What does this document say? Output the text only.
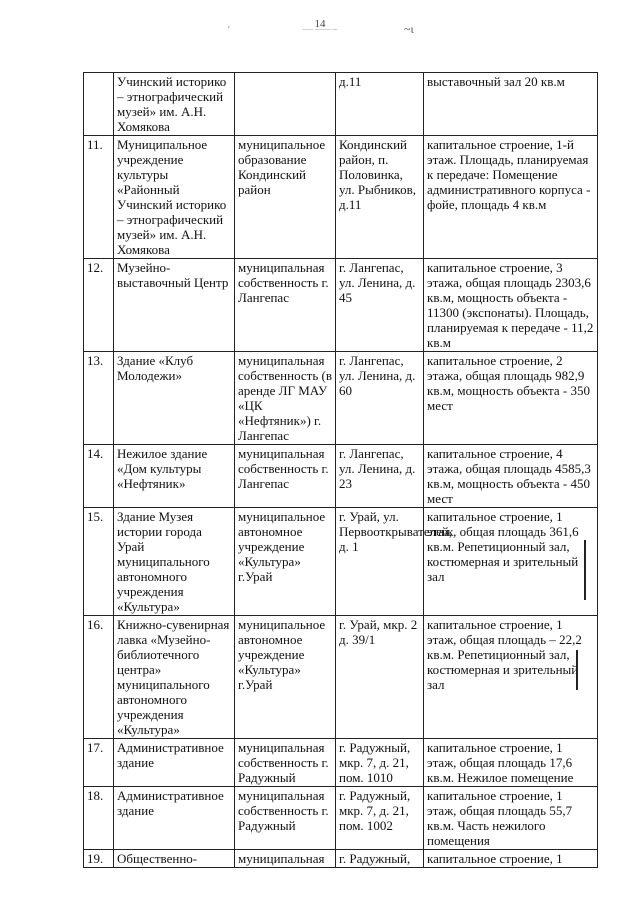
14
~~~~ ~~~~~~ ~~
'	~ι
	Учинский историко – этнографический музей» им. А.Н. Хомякова		д.11	выставочный зал 20 кв.м
11.	Муниципальное учреждение культуры «Районный Учинский историко – этнографический музей» им. А.Н. Хомякова	муниципальное образование Кондинский район	Кондинский район, п. Половинка, ул. Рыбников, д.11	капитальное строение, 1-й этаж. Площадь, планируемая к передаче: Помещение административного корпуса - фойе, площадь 4 кв.м
12.	Музейно-выставочный Центр	муниципальная собственность г. Лангепас	г. Лангепас, ул. Ленина, д. 45	капитальное строение, 3 этажа, общая площадь 2303,6 кв.м, мощность объекта - 11300 (экспонаты). Площадь, планируемая к передаче - 11,2 кв.м
13.	Здание «Клуб Молодежи»	муниципальная собственность (в аренде ЛГ МАУ «ЦК «Нефтяник») г. Лангепас	г. Лангепас, ул. Ленина, д. 60	капитальное строение, 2 этажа, общая площадь 982,9 кв.м, мощность объекта - 350 мест
14.	Нежилое здание «Дом культуры «Нефтяник»	муниципальная собственность г. Лангепас	г. Лангепас, ул. Ленина, д. 23	капитальное строение, 4 этажа, общая площадь 4585,3 кв.м, мощность объекта - 450 мест
15.	Здание Музея истории города Урай муниципального автономного учреждения «Культура»	муниципальное автономное учреждение «Культура» г.Урай	г. Урай, ул. Первооткрывателей, д. 1	капитальное строение, 1 этаж, общая площадь 361,6 кв.м. Репетиционный зал, костюмерная и зрительный зал
16.	Книжно-сувенирная лавка «Музейно-библиотечного центра» муниципального автономного учреждения «Культура»	муниципальное автономное учреждение «Культура» г.Урай	г. Урай, мкр. 2 д. 39/1	капитальное строение, 1 этаж, общая площадь – 22,2 кв.м. Репетиционный зал, костюмерная и зрительный зал
17.	Административное здание	муниципальная собственность г. Радужный	г. Радужный, мкр. 7, д. 21, пом. 1010	капитальное строение, 1 этаж, общая площадь 17,6 кв.м. Нежилое помещение
18.	Административное здание	муниципальная собственность г. Радужный	г. Радужный, мкр. 7, д. 21, пом. 1002	капитальное строение, 1 этаж, общая площадь 55,7 кв.м. Часть нежилого помещения
19.	Общественно-	муниципальная	г. Радужный,	капитальное строение, 1
